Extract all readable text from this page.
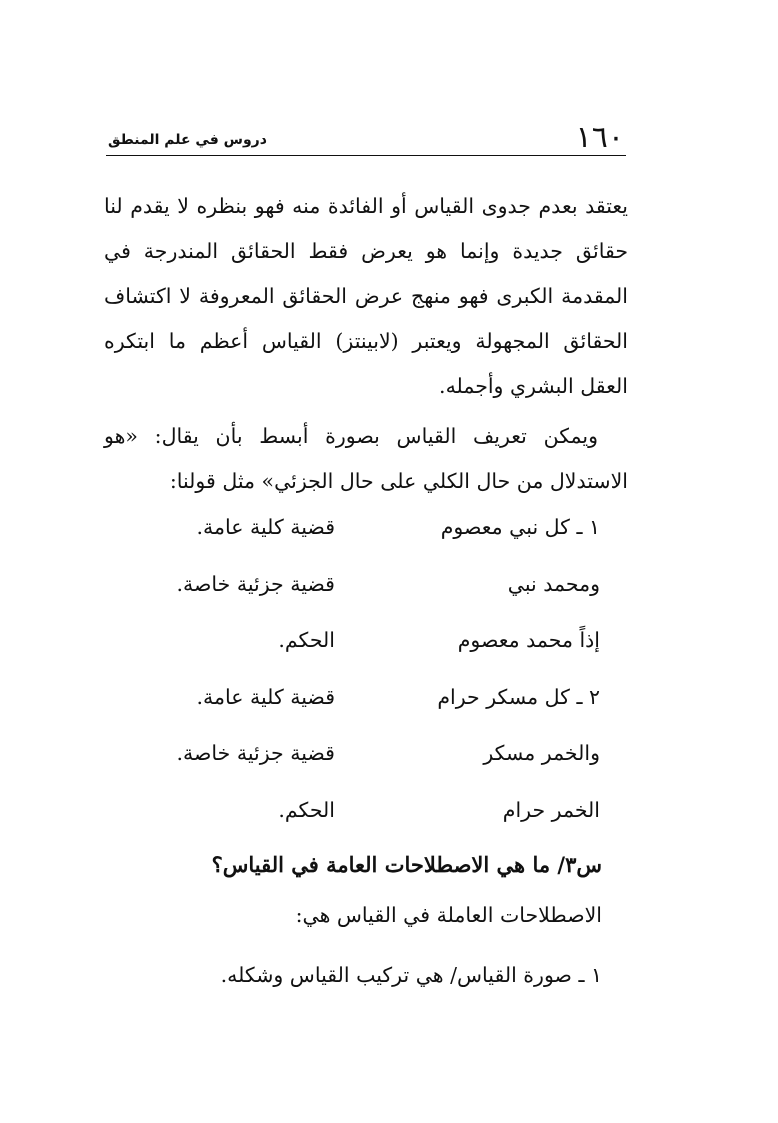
١٦٠
دروس في علم المنطق

يعتقد بعدم جدوى القياس أو الفائدة منه فهو بنظره لا يقدم لنا حقائق جديدة وإنما هو يعرض فقط الحقائق المندرجة في المقدمة الكبرى فهو منهج عرض الحقائق المعروفة لا اكتشاف الحقائق المجهولة ويعتبر (لابينتز) القياس أعظم ما ابتكره العقل البشري وأجمله.

ويمكن تعريف القياس بصورة أبسط بأن يقال: «هو الاستدلال من حال الكلي على حال الجزئي» مثل قولنا:

١ ـ كل نبي معصوم
قضية كلية عامة.
ومحمد نبي
قضية جزئية خاصة.
إذاً محمد معصوم
الحكم.
٢ ـ كل مسكر حرام
قضية كلية عامة.
والخمر مسكر
قضية جزئية خاصة.
الخمر حرام
الحكم.
س٣/ ما هي الاصطلاحات العامة في القياس؟
الاصطلاحات العاملة في القياس هي:
١ ـ صورة القياس/ هي تركيب القياس وشكله.
